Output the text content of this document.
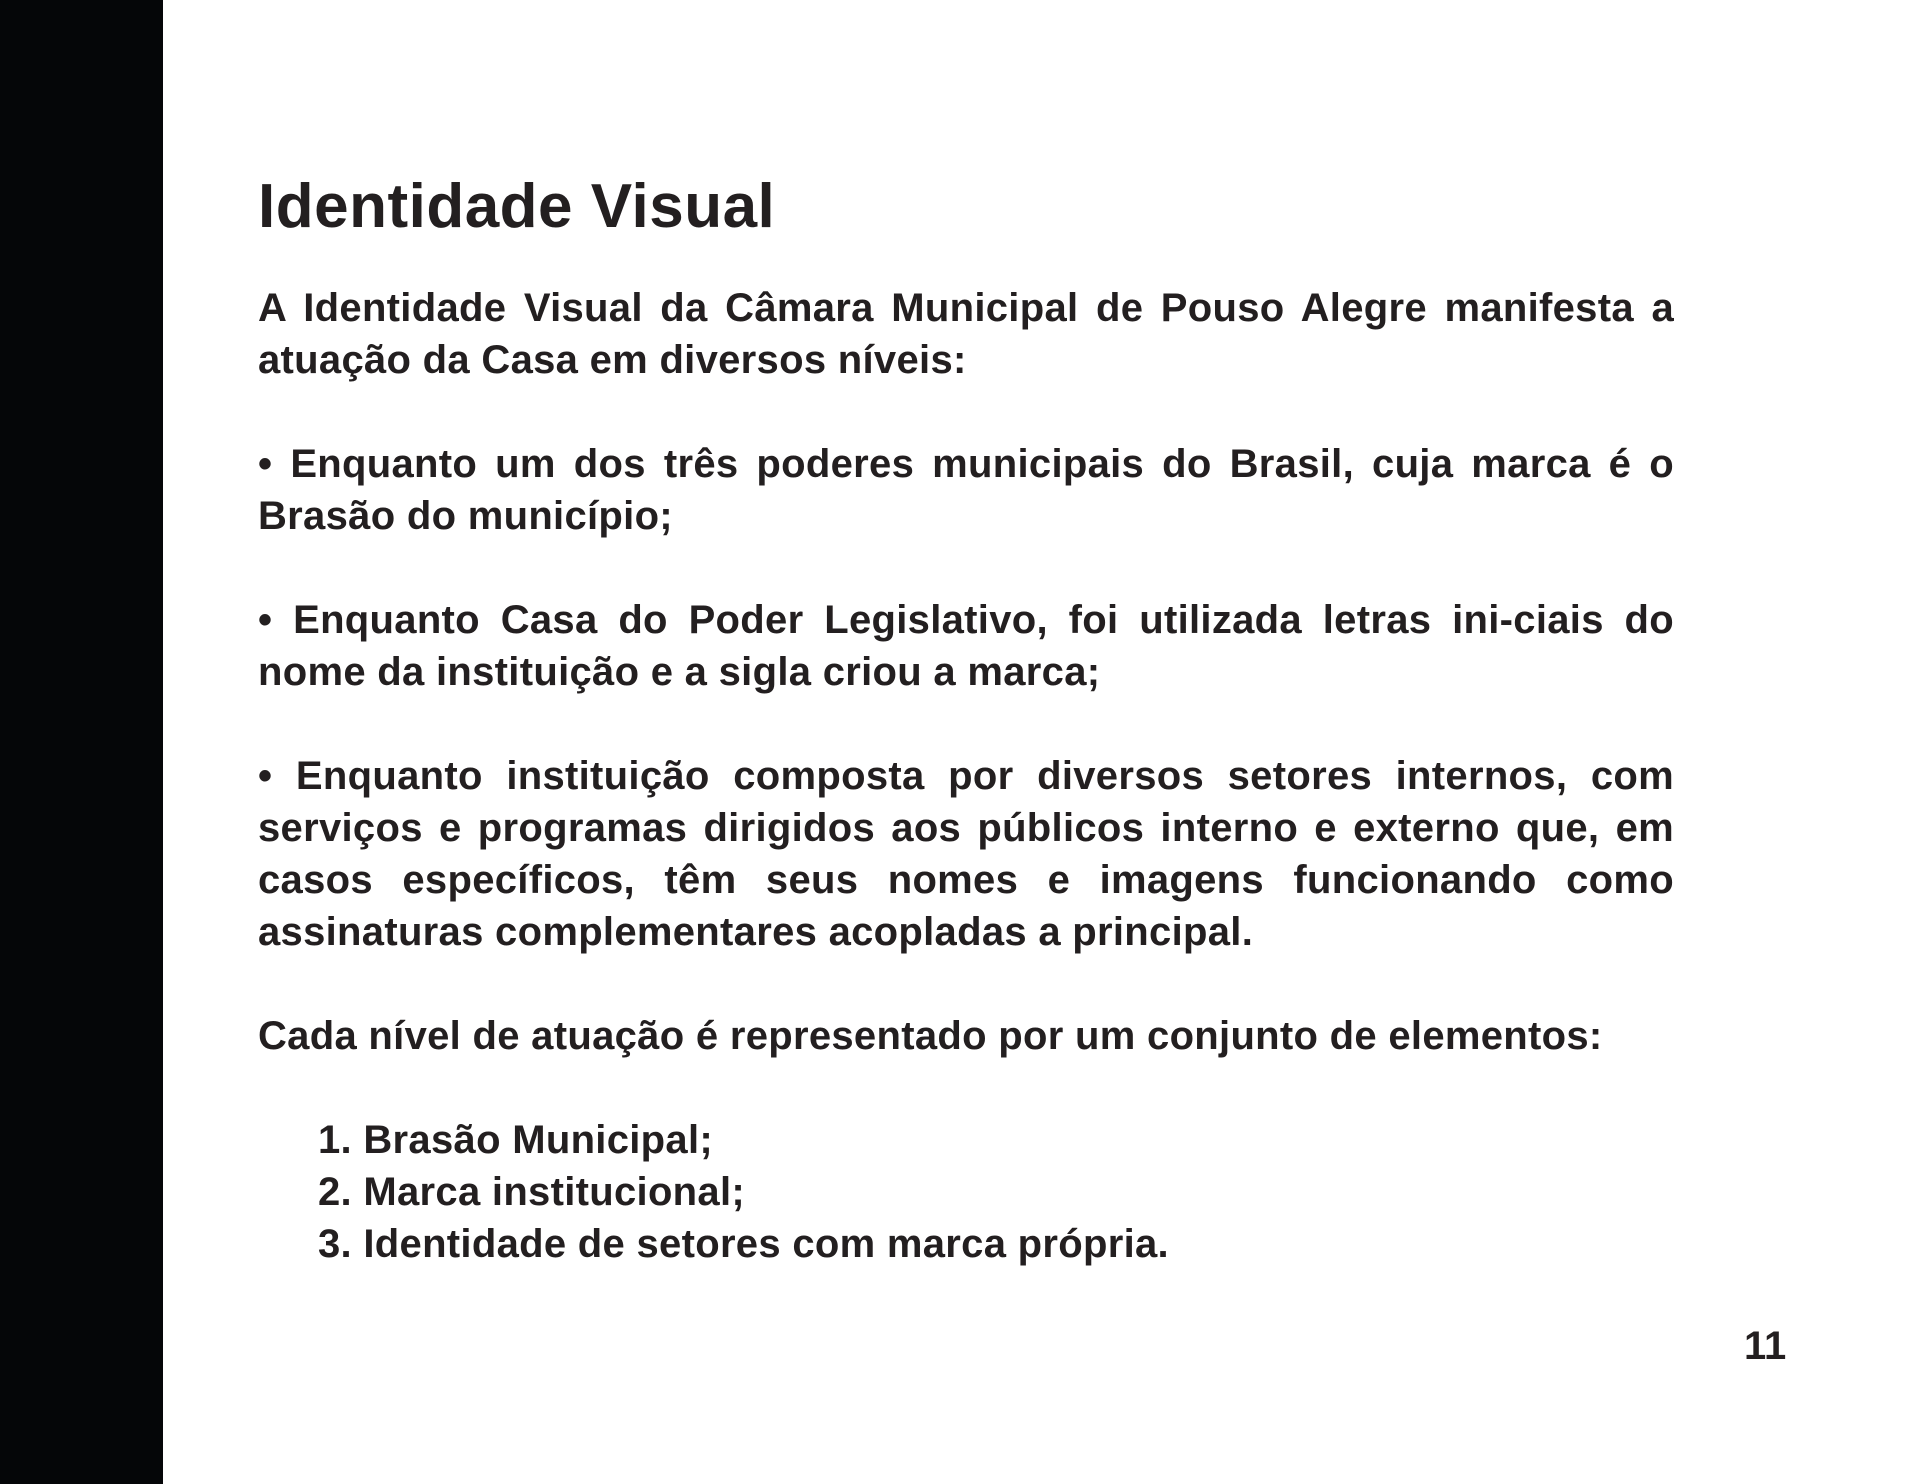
Identidade Visual

A Identidade Visual da Câmara Municipal de Pouso Alegre manifesta a atuação da Casa em diversos níveis:

• Enquanto um dos três poderes municipais do Brasil, cuja marca é o Brasão do município;

• Enquanto Casa do Poder Legislativo, foi utilizada letras ini-ciais do nome da instituição e a sigla criou a marca;

• Enquanto instituição composta por diversos setores internos, com serviços e programas dirigidos aos públicos interno e externo que, em casos específicos, têm seus nomes e imagens funcionando como assinaturas complementares acopladas a principal.

Cada nível de atuação é representado por um conjunto de elementos:

1. Brasão Municipal;
2. Marca institucional;
3. Identidade de setores com marca própria.
11
